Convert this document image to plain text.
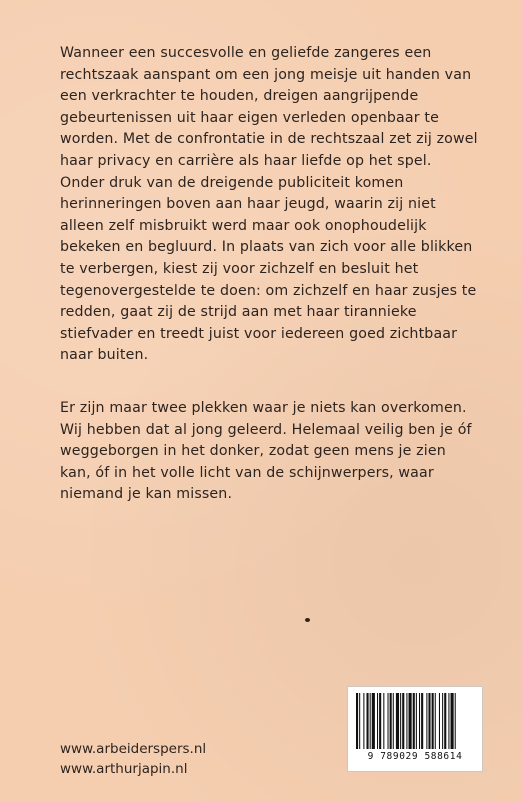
Wanneer een succesvolle en geliefde zangeres een rechtszaak aanspant om een jong meisje uit handen van een verkrachter te houden, dreigen aangrijpende gebeurtenissen uit haar eigen verleden openbaar te worden. Met de confrontatie in de rechtszaal zet zij zowel haar privacy en carrière als haar liefde op het spel.

Onder druk van de dreigende publiciteit komen herinneringen boven aan haar jeugd, waarin zij niet alleen zelf misbruikt werd maar ook onophoudelijk bekeken en begluurd. In plaats van zich voor alle blikken te verbergen, kiest zij voor zichzelf en besluit het tegenovergestelde te doen: om zichzelf en haar zusjes te redden, gaat zij de strijd aan met haar tirannieke stiefvader en treedt juist voor iedereen goed zichtbaar naar buiten.

Er zijn maar twee plekken waar je niets kan overkomen. Wij hebben dat al jong geleerd. Helemaal veilig ben je óf weggeborgen in het donker, zodat geen mens je zien kan, óf in het volle licht van de schijnwerpers, waar niemand je kan missen.

www.arbeiderspers.nl
www.arthurjapin.nl
9 789029 588614
